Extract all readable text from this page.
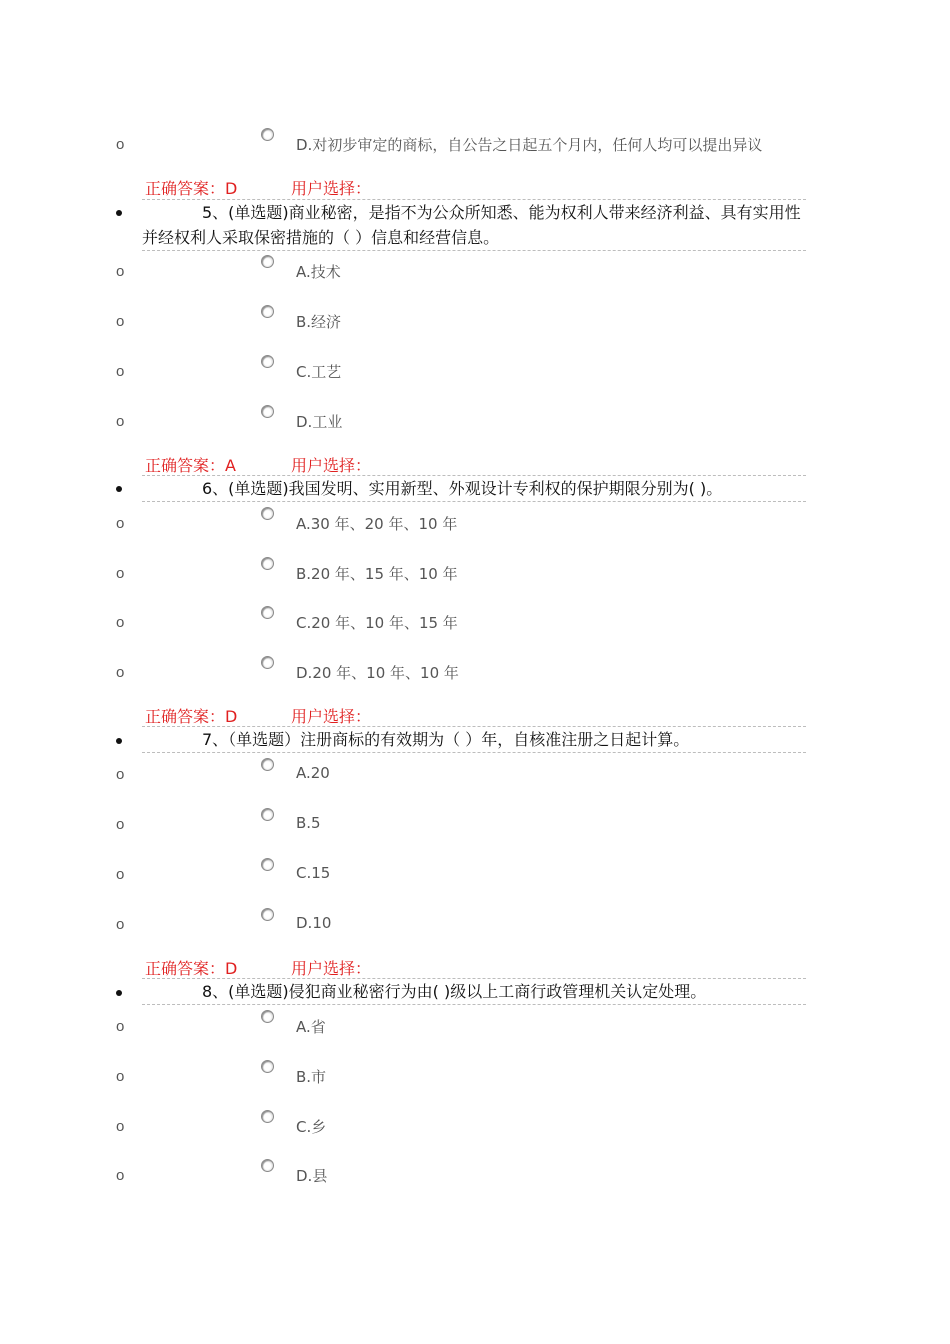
o	D.对初步审定的商标，自公告之日起五个月内，任何人均可以提出异议
正确答案：D	用户选择：
5、(单选题)商业秘密，是指不为公众所知悉、能为权利人带来经济利益、具有实用性并经权利人采取保密措施的（ ）信息和经营信息。
o	A.技术
o	B.经济
o	C.工艺
o	D.工业
正确答案：A	用户选择：
6、(单选题)我国发明、实用新型、外观设计专利权的保护期限分别为( )。
o	A.30 年、20 年、10 年
o	B.20 年、15 年、10 年
o	C.20 年、10 年、15 年
o	D.20 年、10 年、10 年
正确答案：D	用户选择：
7、（单选题）注册商标的有效期为（ ）年，自核准注册之日起计算。
o	A.20
o	B.5
o	C.15
o	D.10
正确答案：D	用户选择：
8、(单选题)侵犯商业秘密行为由( )级以上工商行政管理机关认定处理。
o	A.省
o	B.市
o	C.乡
o	D.县
